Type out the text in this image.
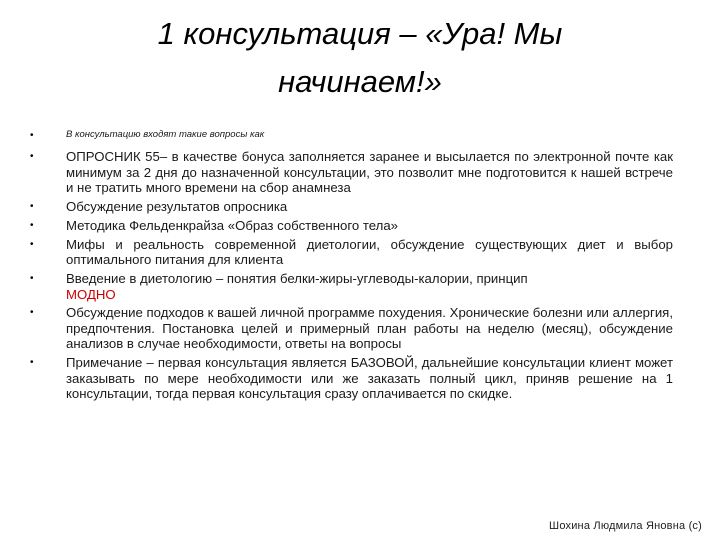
1 консультация – «Ура! Мы
начинаем!»
•	В консультацию входят такие вопросы как
•	ОПРОСНИК 55– в качестве бонуса заполняется заранее и высылается по электронной почте как минимум за 2 дня до назначенной консультации, это позволит мне подготовится к нашей встрече и не тратить много времени на сбор анамнеза
•	Обсуждение результатов опросника
•	Методика Фельденкрайза «Образ собственного тела»
•	Мифы и реальность современной диетологии, обсуждение существующих диет и выбор оптимального питания для клиента
•	Введение в диетологию – понятия белки-жиры-углеводы-калории, принцип
МОДНО
•	Обсуждение подходов к вашей личной программе похудения. Хронические болезни или аллергия, предпочтения. Постановка целей и примерный план работы на неделю (месяц), обсуждение анализов в случае необходимости, ответы на вопросы
•	Примечание – первая консультация является БАЗОВОЙ, дальнейшие консультации клиент может заказывать по мере необходимости или же заказать полный цикл, приняв решение на 1 консультации, тогда первая консультация сразу оплачивается по скидке.
Шохина Людмила Яновна (с)
